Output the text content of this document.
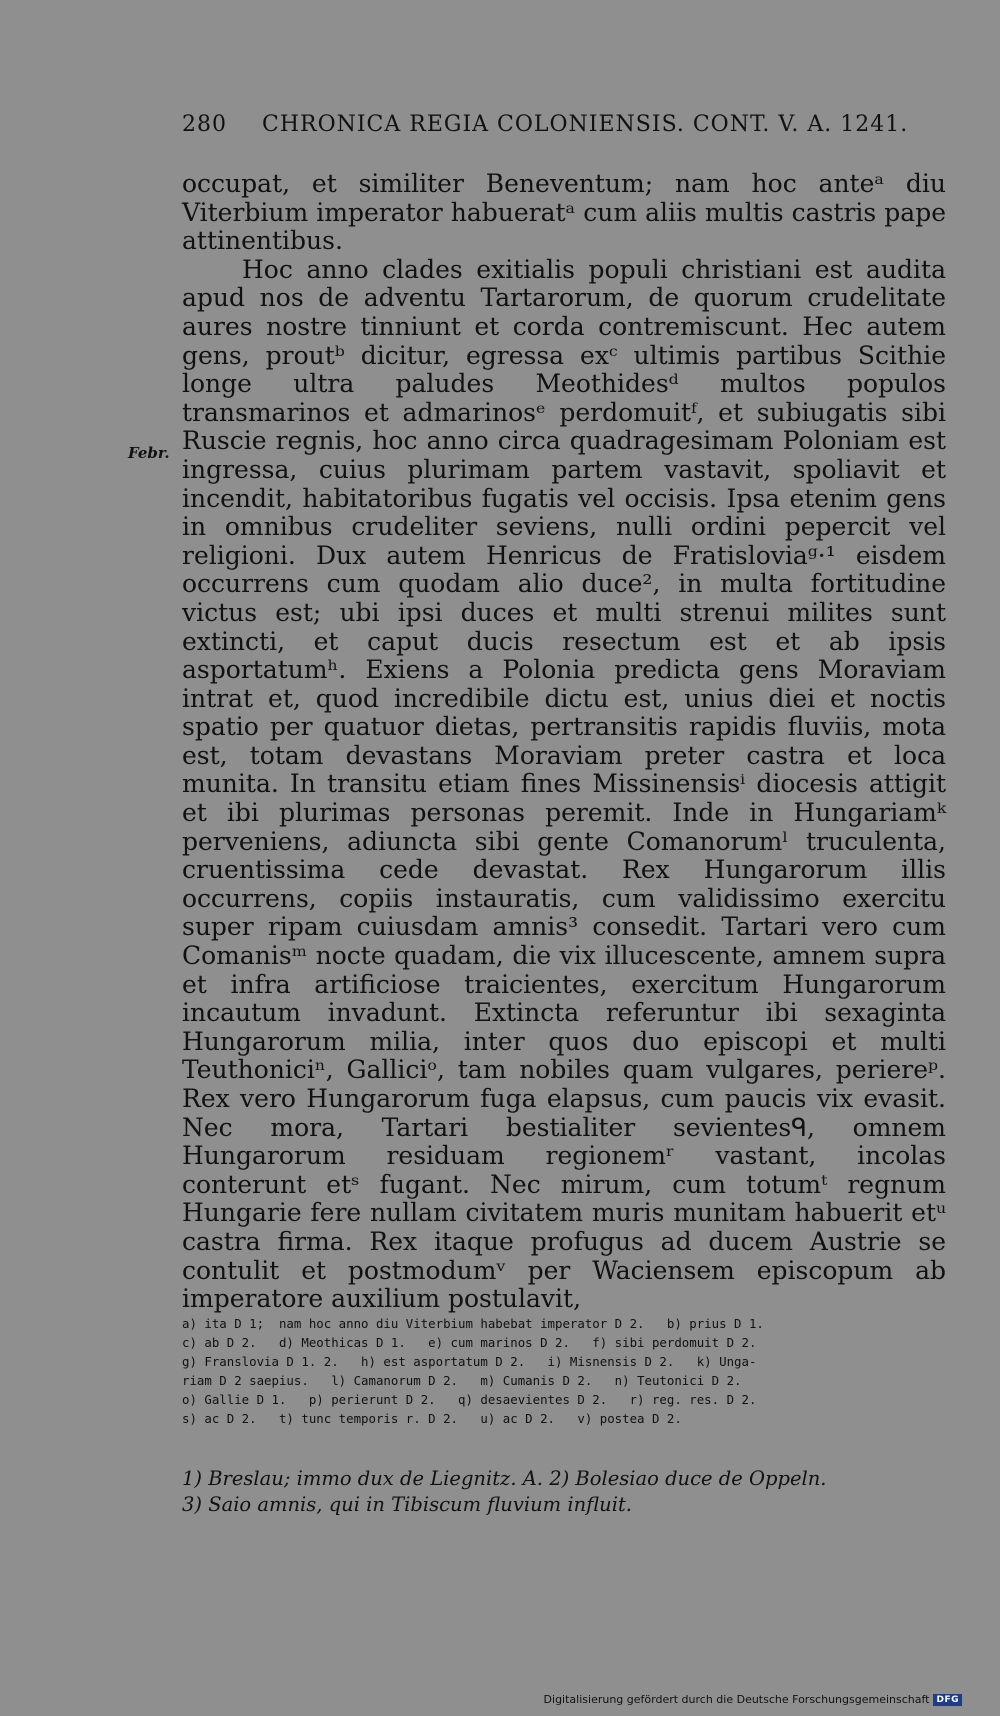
280	CHRONICA REGIA COLONIENSIS. CONT. V. A. 1241.
Febr.

occupat, et similiter Beneventum; nam hoc anteᵃ diu Viterbium imperator habueratᵃ cum aliis multis castris pape attinentibus.

Hoc anno clades exitialis populi christiani est audita apud nos de adventu Tartarorum, de quorum crudelitate aures nostre tinniunt et corda contremiscunt. Hec autem gens, proutᵇ dicitur, egressa exᶜ ultimis partibus Scithie longe ultra paludes Meothidesᵈ multos populos transmarinos et admarinosᵉ perdomuitᶠ, et subiugatis sibi Ruscie regnis, hoc anno circa quadragesimam Poloniam est ingressa, cuius plurimam partem vastavit, spoliavit et incendit, habitatoribus fugatis vel occisis. Ipsa etenim gens in omnibus crudeliter seviens, nulli ordini pepercit vel religioni. Dux autem Henricus de Fratisloviaᵍ·¹ eisdem occurrens cum quodam alio duce², in multa fortitudine victus est; ubi ipsi duces et multi strenui milites sunt extincti, et caput ducis resectum est et ab ipsis asportatumʰ. Exiens a Polonia predicta gens Moraviam intrat et, quod incredibile dictu est, unius diei et noctis spatio per quatuor dietas, pertransitis rapidis fluviis, mota est, totam devastans Moraviam preter castra et loca munita. In transitu etiam fines Missinensisⁱ diocesis attigit et ibi plurimas personas peremit. Inde in Hungariamᵏ perveniens, adiuncta sibi gente Comanorumˡ truculenta, cruentissima cede devastat. Rex Hungarorum illis occurrens, copiis instauratis, cum validissimo exercitu super ripam cuiusdam amnis³ consedit. Tartari vero cum Comanisᵐ nocte quadam, die vix illucescente, amnem supra et infra artificiose traicientes, exercitum Hungarorum incautum invadunt. Extincta referuntur ibi sexaginta Hungarorum milia, inter quos duo episcopi et multi Teuthoniciⁿ, Galliciᵒ, tam nobiles quam vulgares, periereᵖ. Rex vero Hungarorum fuga elapsus, cum paucis vix evasit. Nec mora, Tartari bestialiter sevientesᑫ, omnem Hungarorum residuam regionemʳ vastant, incolas conterunt etˢ fugant. Nec mirum, cum totumᵗ regnum Hungarie fere nullam civitatem muris munitam habuerit etᵘ castra firma. Rex itaque profugus ad ducem Austrie se contulit et postmodumᵛ per Waciensem episcopum ab imperatore auxilium postulavit,

a) ita D 1;  nam hoc anno diu Viterbium habebat imperator D 2.   b) prius D 1.
c) ab D 2.   d) Meothicas D 1.   e) cum marinos D 2.   f) sibi perdomuit D 2.
g) Franslovia D 1. 2.   h) est asportatum D 2.   i) Misnensis D 2.   k) Unga-
riam D 2 saepius.   l) Camanorum D 2.   m) Cumanis D 2.   n) Teutonici D 2.
o) Gallie D 1.   p) perierunt D 2.   q) desaevientes D 2.   r) reg. res. D 2.
s) ac D 2.   t) tunc temporis r. D 2.   u) ac D 2.   v) postea D 2.
1) Breslau; immo dux de Liegnitz. A. 2) Bolesiao duce de Oppeln.
3) Saio amnis, qui in Tibiscum fluvium influit.
Digitalisierung gefördert durch die Deutsche Forschungsgemeinschaft DFG
